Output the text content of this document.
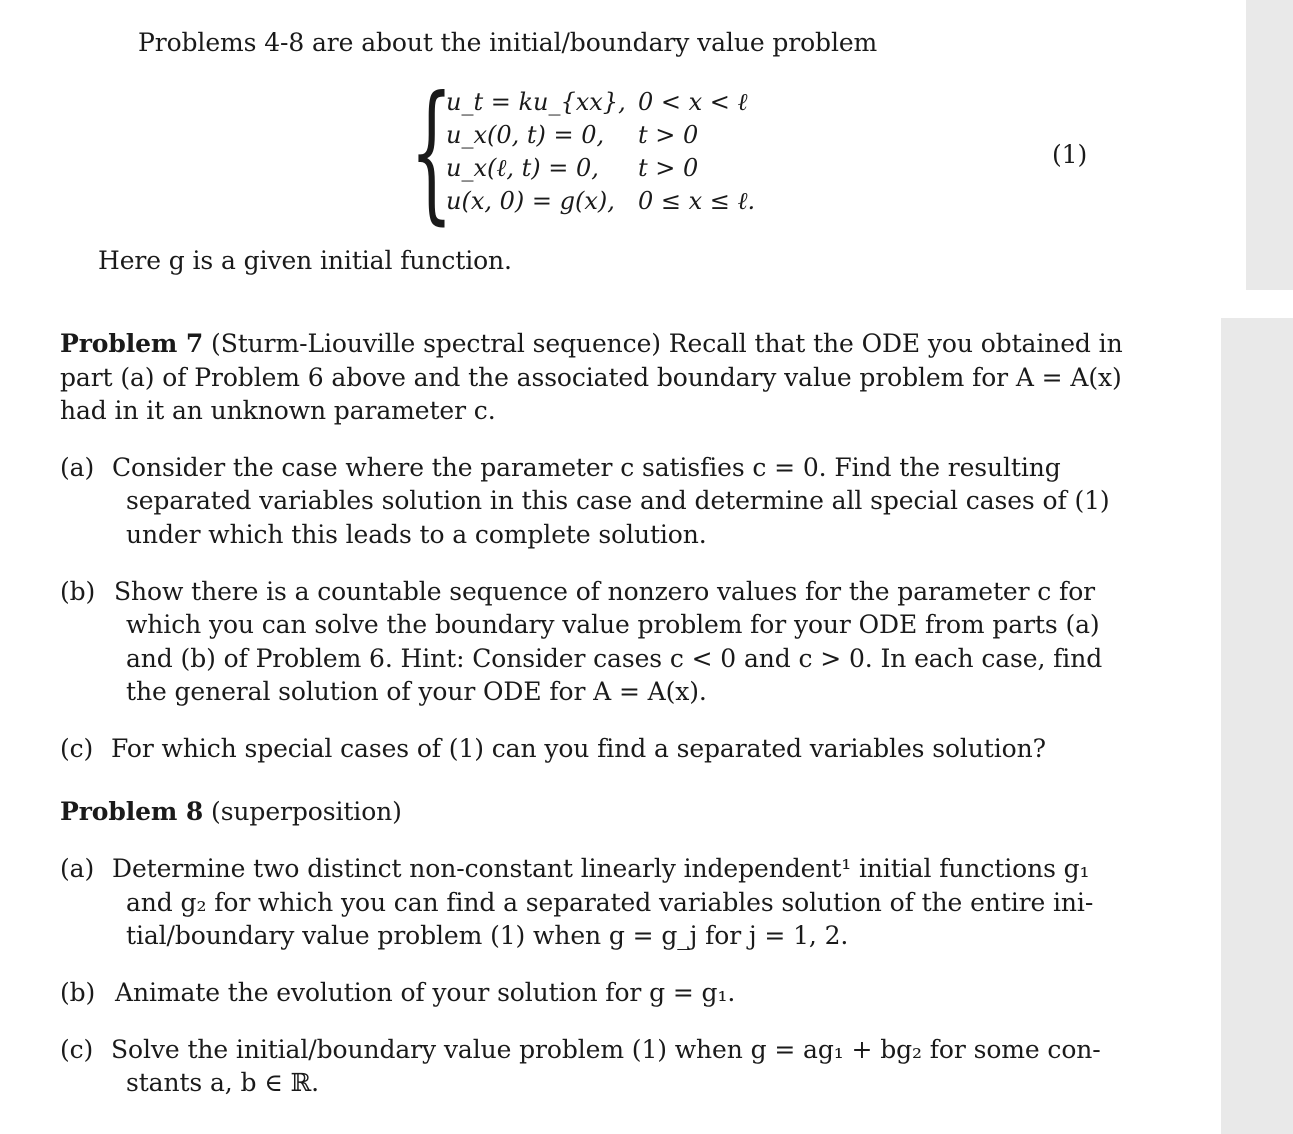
Problems 4-8 are about the initial/boundary value problem
{
u_t = ku_{xx}, 0 < x < ℓ
u_x(0, t) = 0, t > 0
u_x(ℓ, t) = 0, t > 0
u(x, 0) = g(x), 0 ≤ x ≤ ℓ.
(1)
Here g is a given initial function.
Problem 7 (Sturm-Liouville spectral sequence) Recall that the ODE you obtained in
part (a) of Problem 6 above and the associated boundary value problem for A = A(x)
had in it an unknown parameter c.
(a) Consider the case where the parameter c satisfies c = 0. Find the resulting
separated variables solution in this case and determine all special cases of (1)
under which this leads to a complete solution.
(b) Show there is a countable sequence of nonzero values for the parameter c for
which you can solve the boundary value problem for your ODE from parts (a)
and (b) of Problem 6. Hint: Consider cases c < 0 and c > 0. In each case, find
the general solution of your ODE for A = A(x).
(c) For which special cases of (1) can you find a separated variables solution?
Problem 8 (superposition)
(a) Determine two distinct non-constant linearly independent¹ initial functions g₁
and g₂ for which you can find a separated variables solution of the entire ini-
tial/boundary value problem (1) when g = g_j for j = 1, 2.
(b) Animate the evolution of your solution for g = g₁.
(c) Solve the initial/boundary value problem (1) when g = ag₁ + bg₂ for some con-
stants a, b ∈ ℝ.
